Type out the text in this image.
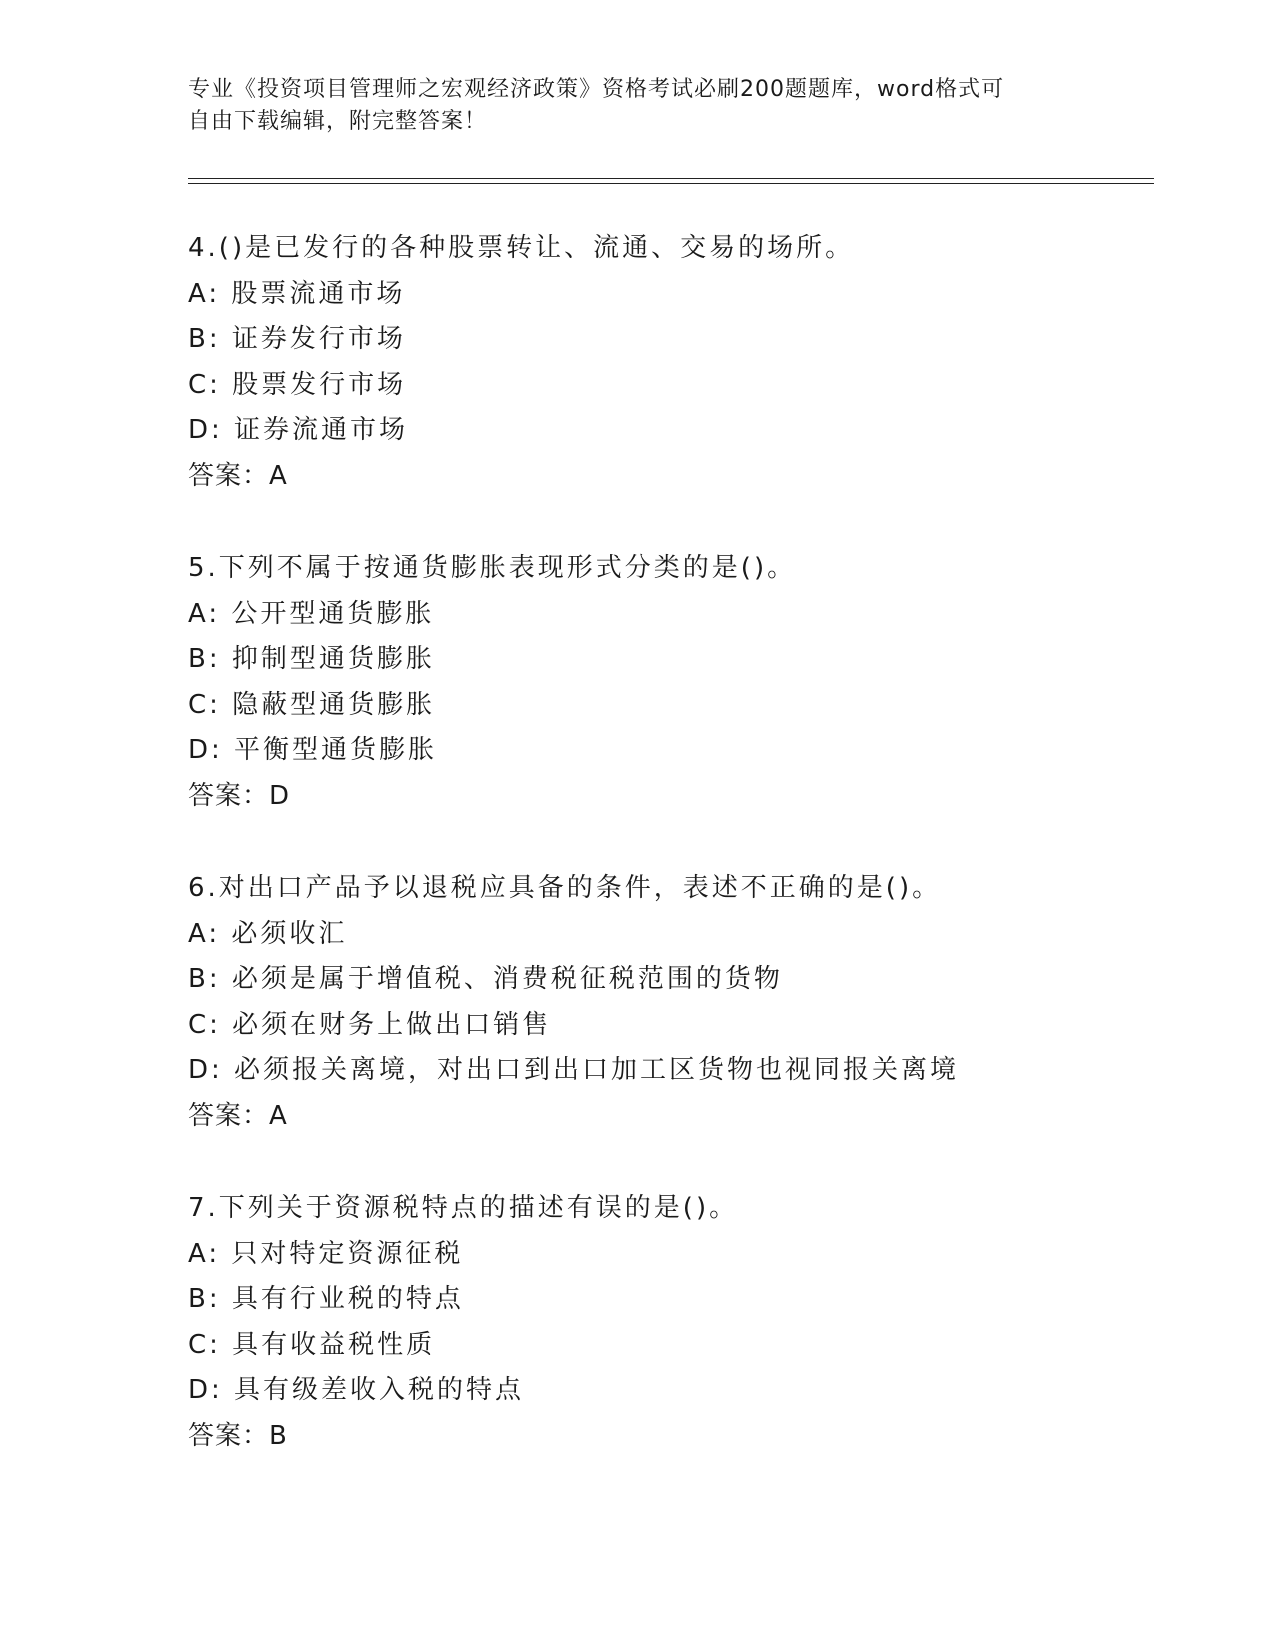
专业《投资项目管理师之宏观经济政策》资格考试必刷200题题库，word格式可
自由下载编辑，附完整答案！
4.()是已发行的各种股票转让、流通、交易的场所。
A: 股票流通市场
B: 证券发行市场
C: 股票发行市场
D: 证券流通市场
答案：A
5.下列不属于按通货膨胀表现形式分类的是()。
A: 公开型通货膨胀
B: 抑制型通货膨胀
C: 隐蔽型通货膨胀
D: 平衡型通货膨胀
答案：D
6.对出口产品予以退税应具备的条件，表述不正确的是()。
A: 必须收汇
B: 必须是属于增值税、消费税征税范围的货物
C: 必须在财务上做出口销售
D: 必须报关离境，对出口到出口加工区货物也视同报关离境
答案：A
7.下列关于资源税特点的描述有误的是()。
A: 只对特定资源征税
B: 具有行业税的特点
C: 具有收益税性质
D: 具有级差收入税的特点
答案：B
